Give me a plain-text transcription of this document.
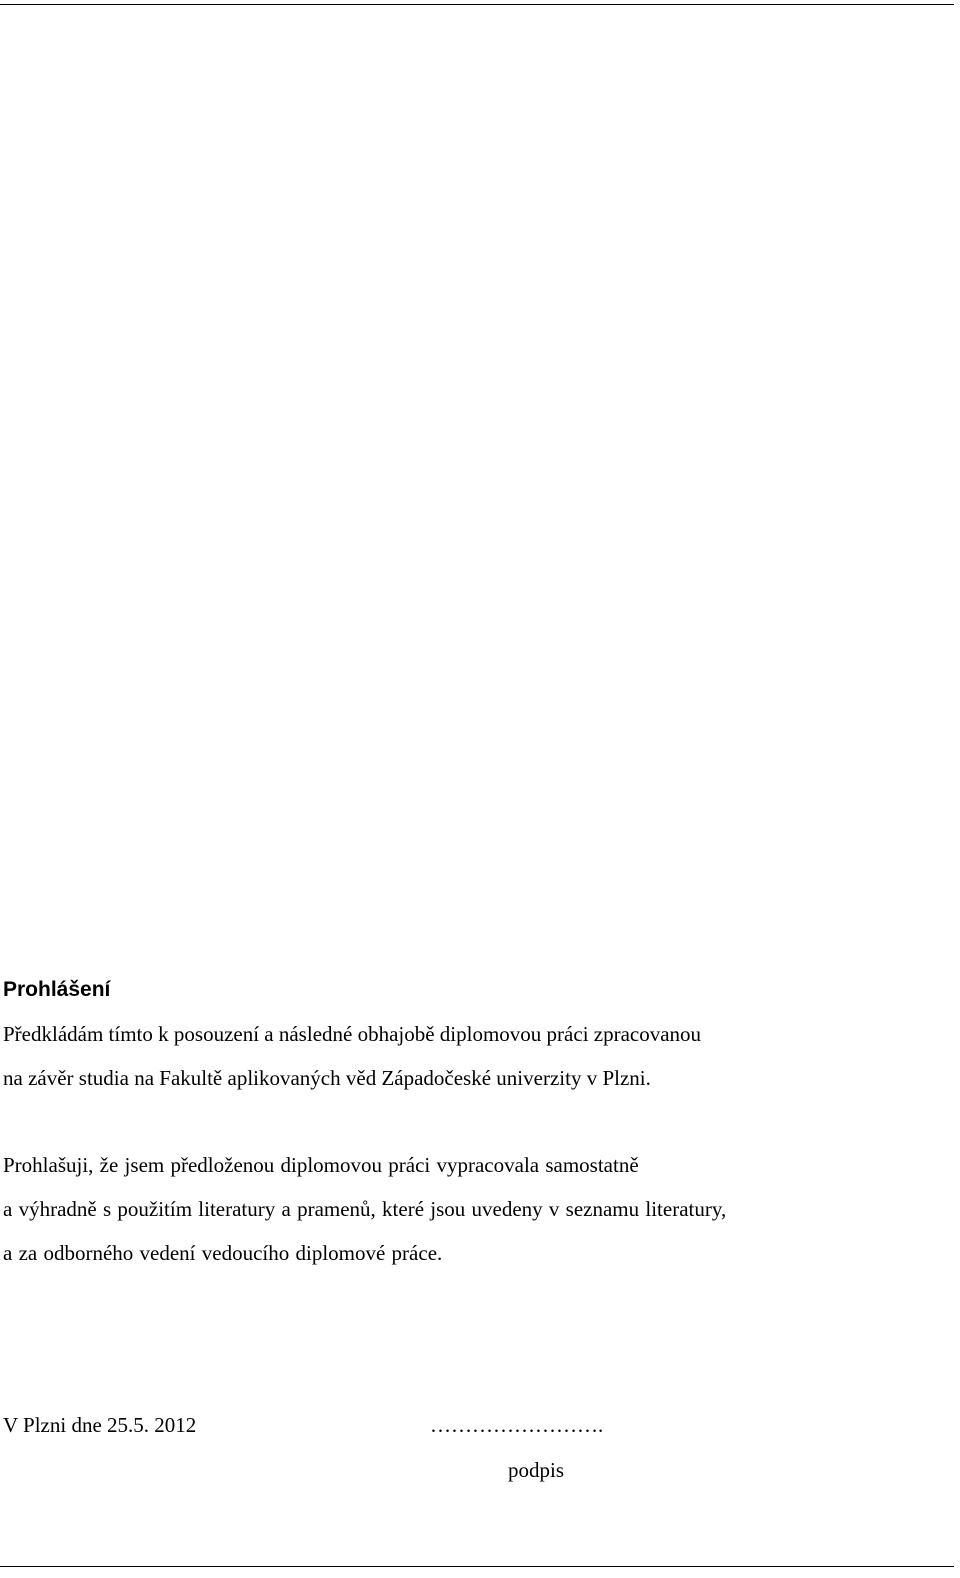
Prohlášení
Předkládám tímto k posouzení a následné obhajobě diplomovou práci zpracovanou
na závěr studia na Fakultě aplikovaných věd Západočeské univerzity v Plzni.
Prohlašuji, že jsem předloženou diplomovou práci vypracovala samostatně
a výhradně s použitím literatury a pramenů, které jsou uvedeny v seznamu literatury,
a za odborného vedení vedoucího diplomové práce.
V Plzni dne 25.5. 2012	…………………….
podpis
